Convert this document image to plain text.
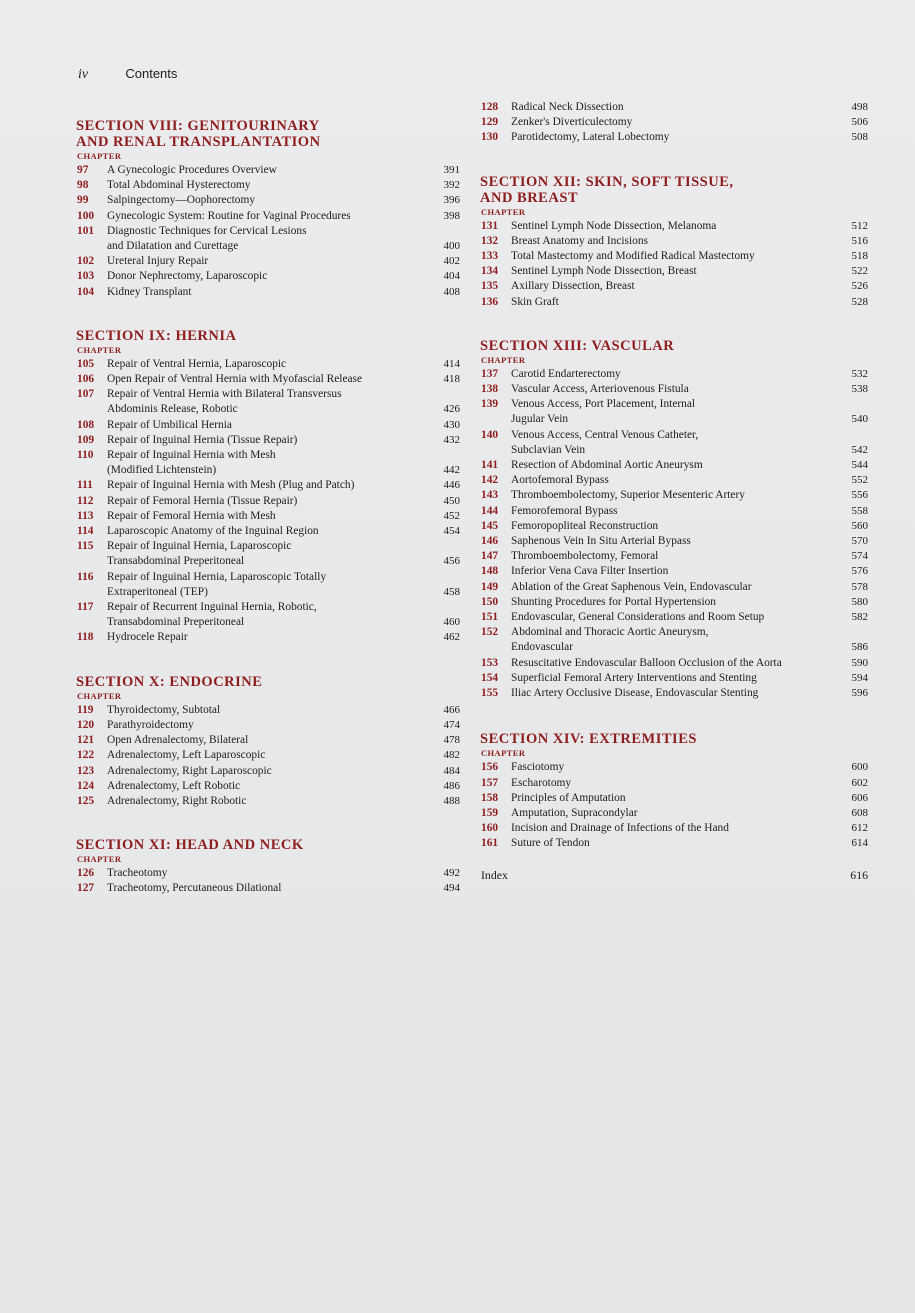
iv	Contents
SECTION VIII: GENITOURINARY AND RENAL TRANSPLANTATION
CHAPTER
97	A Gynecologic Procedures Overview	391
98	Total Abdominal Hysterectomy	392
99	Salpingectomy—Oophorectomy	396
100	Gynecologic System: Routine for Vaginal Procedures	398
101	Diagnostic Techniques for Cervical Lesions
and Dilatation and Curettage	400
102	Ureteral Injury Repair	402
103	Donor Nephrectomy, Laparoscopic	404
104	Kidney Transplant	408
SECTION IX: HERNIA
CHAPTER
105	Repair of Ventral Hernia, Laparoscopic	414
106	Open Repair of Ventral Hernia with Myofascial Release	418
107	Repair of Ventral Hernia with Bilateral Transversus
Abdominis Release, Robotic	426
108	Repair of Umbilical Hernia	430
109	Repair of Inguinal Hernia (Tissue Repair)	432
110	Repair of Inguinal Hernia with Mesh
(Modified Lichtenstein)	442
111	Repair of Inguinal Hernia with Mesh (Plug and Patch)	446
112	Repair of Femoral Hernia (Tissue Repair)	450
113	Repair of Femoral Hernia with Mesh	452
114	Laparoscopic Anatomy of the Inguinal Region	454
115	Repair of Inguinal Hernia, Laparoscopic
Transabdominal Preperitoneal	456
116	Repair of Inguinal Hernia, Laparoscopic Totally
Extraperitoneal (TEP)	458
117	Repair of Recurrent Inguinal Hernia, Robotic,
Transabdominal Preperitoneal	460
118	Hydrocele Repair	462
SECTION X: ENDOCRINE
CHAPTER
119	Thyroidectomy, Subtotal	466
120	Parathyroidectomy	474
121	Open Adrenalectomy, Bilateral	478
122	Adrenalectomy, Left Laparoscopic	482
123	Adrenalectomy, Right Laparoscopic	484
124	Adrenalectomy, Left Robotic	486
125	Adrenalectomy, Right Robotic	488
SECTION XI: HEAD AND NECK
CHAPTER
126	Tracheotomy	492
127	Tracheotomy, Percutaneous Dilational	494
128	Radical Neck Dissection	498
129	Zenker's Diverticulectomy	506
130	Parotidectomy, Lateral Lobectomy	508
SECTION XII: SKIN, SOFT TISSUE, AND BREAST
CHAPTER
131	Sentinel Lymph Node Dissection, Melanoma	512
132	Breast Anatomy and Incisions	516
133	Total Mastectomy and Modified Radical Mastectomy	518
134	Sentinel Lymph Node Dissection, Breast	522
135	Axillary Dissection, Breast	526
136	Skin Graft	528
SECTION XIII: VASCULAR
CHAPTER
137	Carotid Endarterectomy	532
138	Vascular Access, Arteriovenous Fistula	538
139	Venous Access, Port Placement, Internal
Jugular Vein	540
140	Venous Access, Central Venous Catheter,
Subclavian Vein	542
141	Resection of Abdominal Aortic Aneurysm	544
142	Aortofemoral Bypass	552
143	Thromboembolectomy, Superior Mesenteric Artery	556
144	Femorofemoral Bypass	558
145	Femoropopliteal Reconstruction	560
146	Saphenous Vein In Situ Arterial Bypass	570
147	Thromboembolectomy, Femoral	574
148	Inferior Vena Cava Filter Insertion	576
149	Ablation of the Great Saphenous Vein, Endovascular	578
150	Shunting Procedures for Portal Hypertension	580
151	Endovascular, General Considerations and Room Setup	582
152	Abdominal and Thoracic Aortic Aneurysm,
Endovascular	586
153	Resuscitative Endovascular Balloon Occlusion of the Aorta	590
154	Superficial Femoral Artery Interventions and Stenting	594
155	Iliac Artery Occlusive Disease, Endovascular Stenting	596
SECTION XIV: EXTREMITIES
CHAPTER
156	Fasciotomy	600
157	Escharotomy	602
158	Principles of Amputation	606
159	Amputation, Supracondylar	608
160	Incision and Drainage of Infections of the Hand	612
161	Suture of Tendon	614
Index	616
